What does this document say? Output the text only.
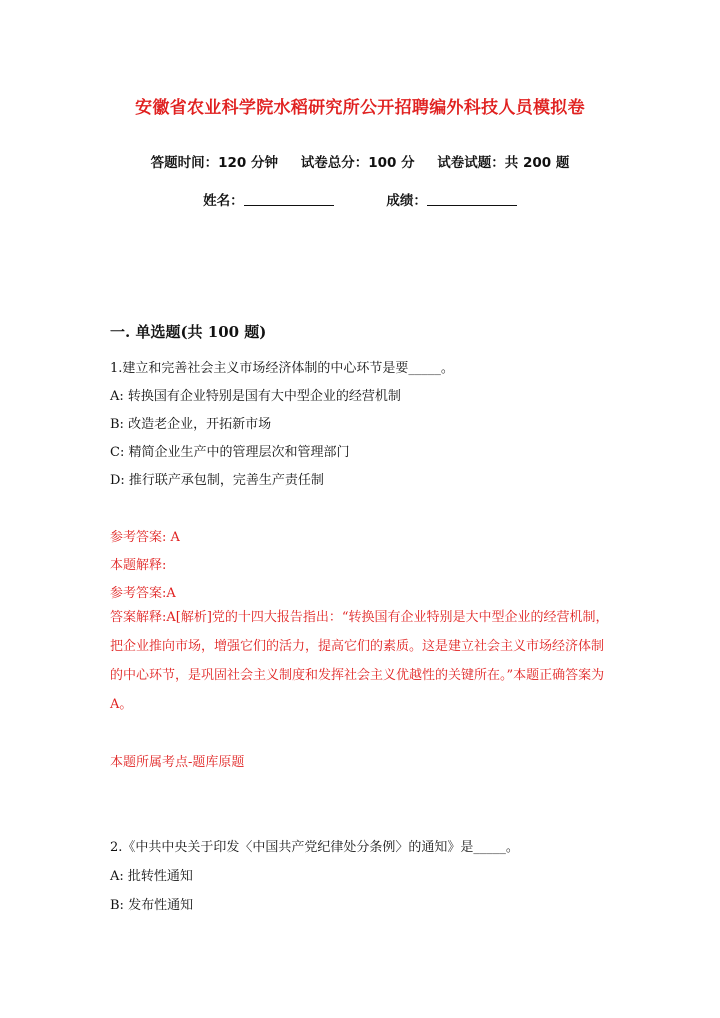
安徽省农业科学院水稻研究所公开招聘编外科技人员模拟卷
答题时间：120 分钟 试卷总分：100 分 试卷试题：共 200 题
姓名：	成绩：
一. 单选题(共 100 题)
1.建立和完善社会主义市场经济体制的中心环节是要_____。
A: 转换国有企业特别是国有大中型企业的经营机制
B: 改造老企业，开拓新市场
C: 精简企业生产中的管理层次和管理部门
D: 推行联产承包制，完善生产责任制
参考答案: A
本题解释:
参考答案:A
答案解释:A[解析]党的十四大报告指出：“转换国有企业特别是大中型企业的经营机制，把企业推向市场，增强它们的活力，提高它们的素质。这是建立社会主义市场经济体制的中心环节，是巩固社会主义制度和发挥社会主义优越性的关键所在。”本题正确答案为A。
本题所属考点-题库原题
2.《中共中央关于印发〈中国共产党纪律处分条例〉的通知》是_____。
A: 批转性通知
B: 发布性通知
